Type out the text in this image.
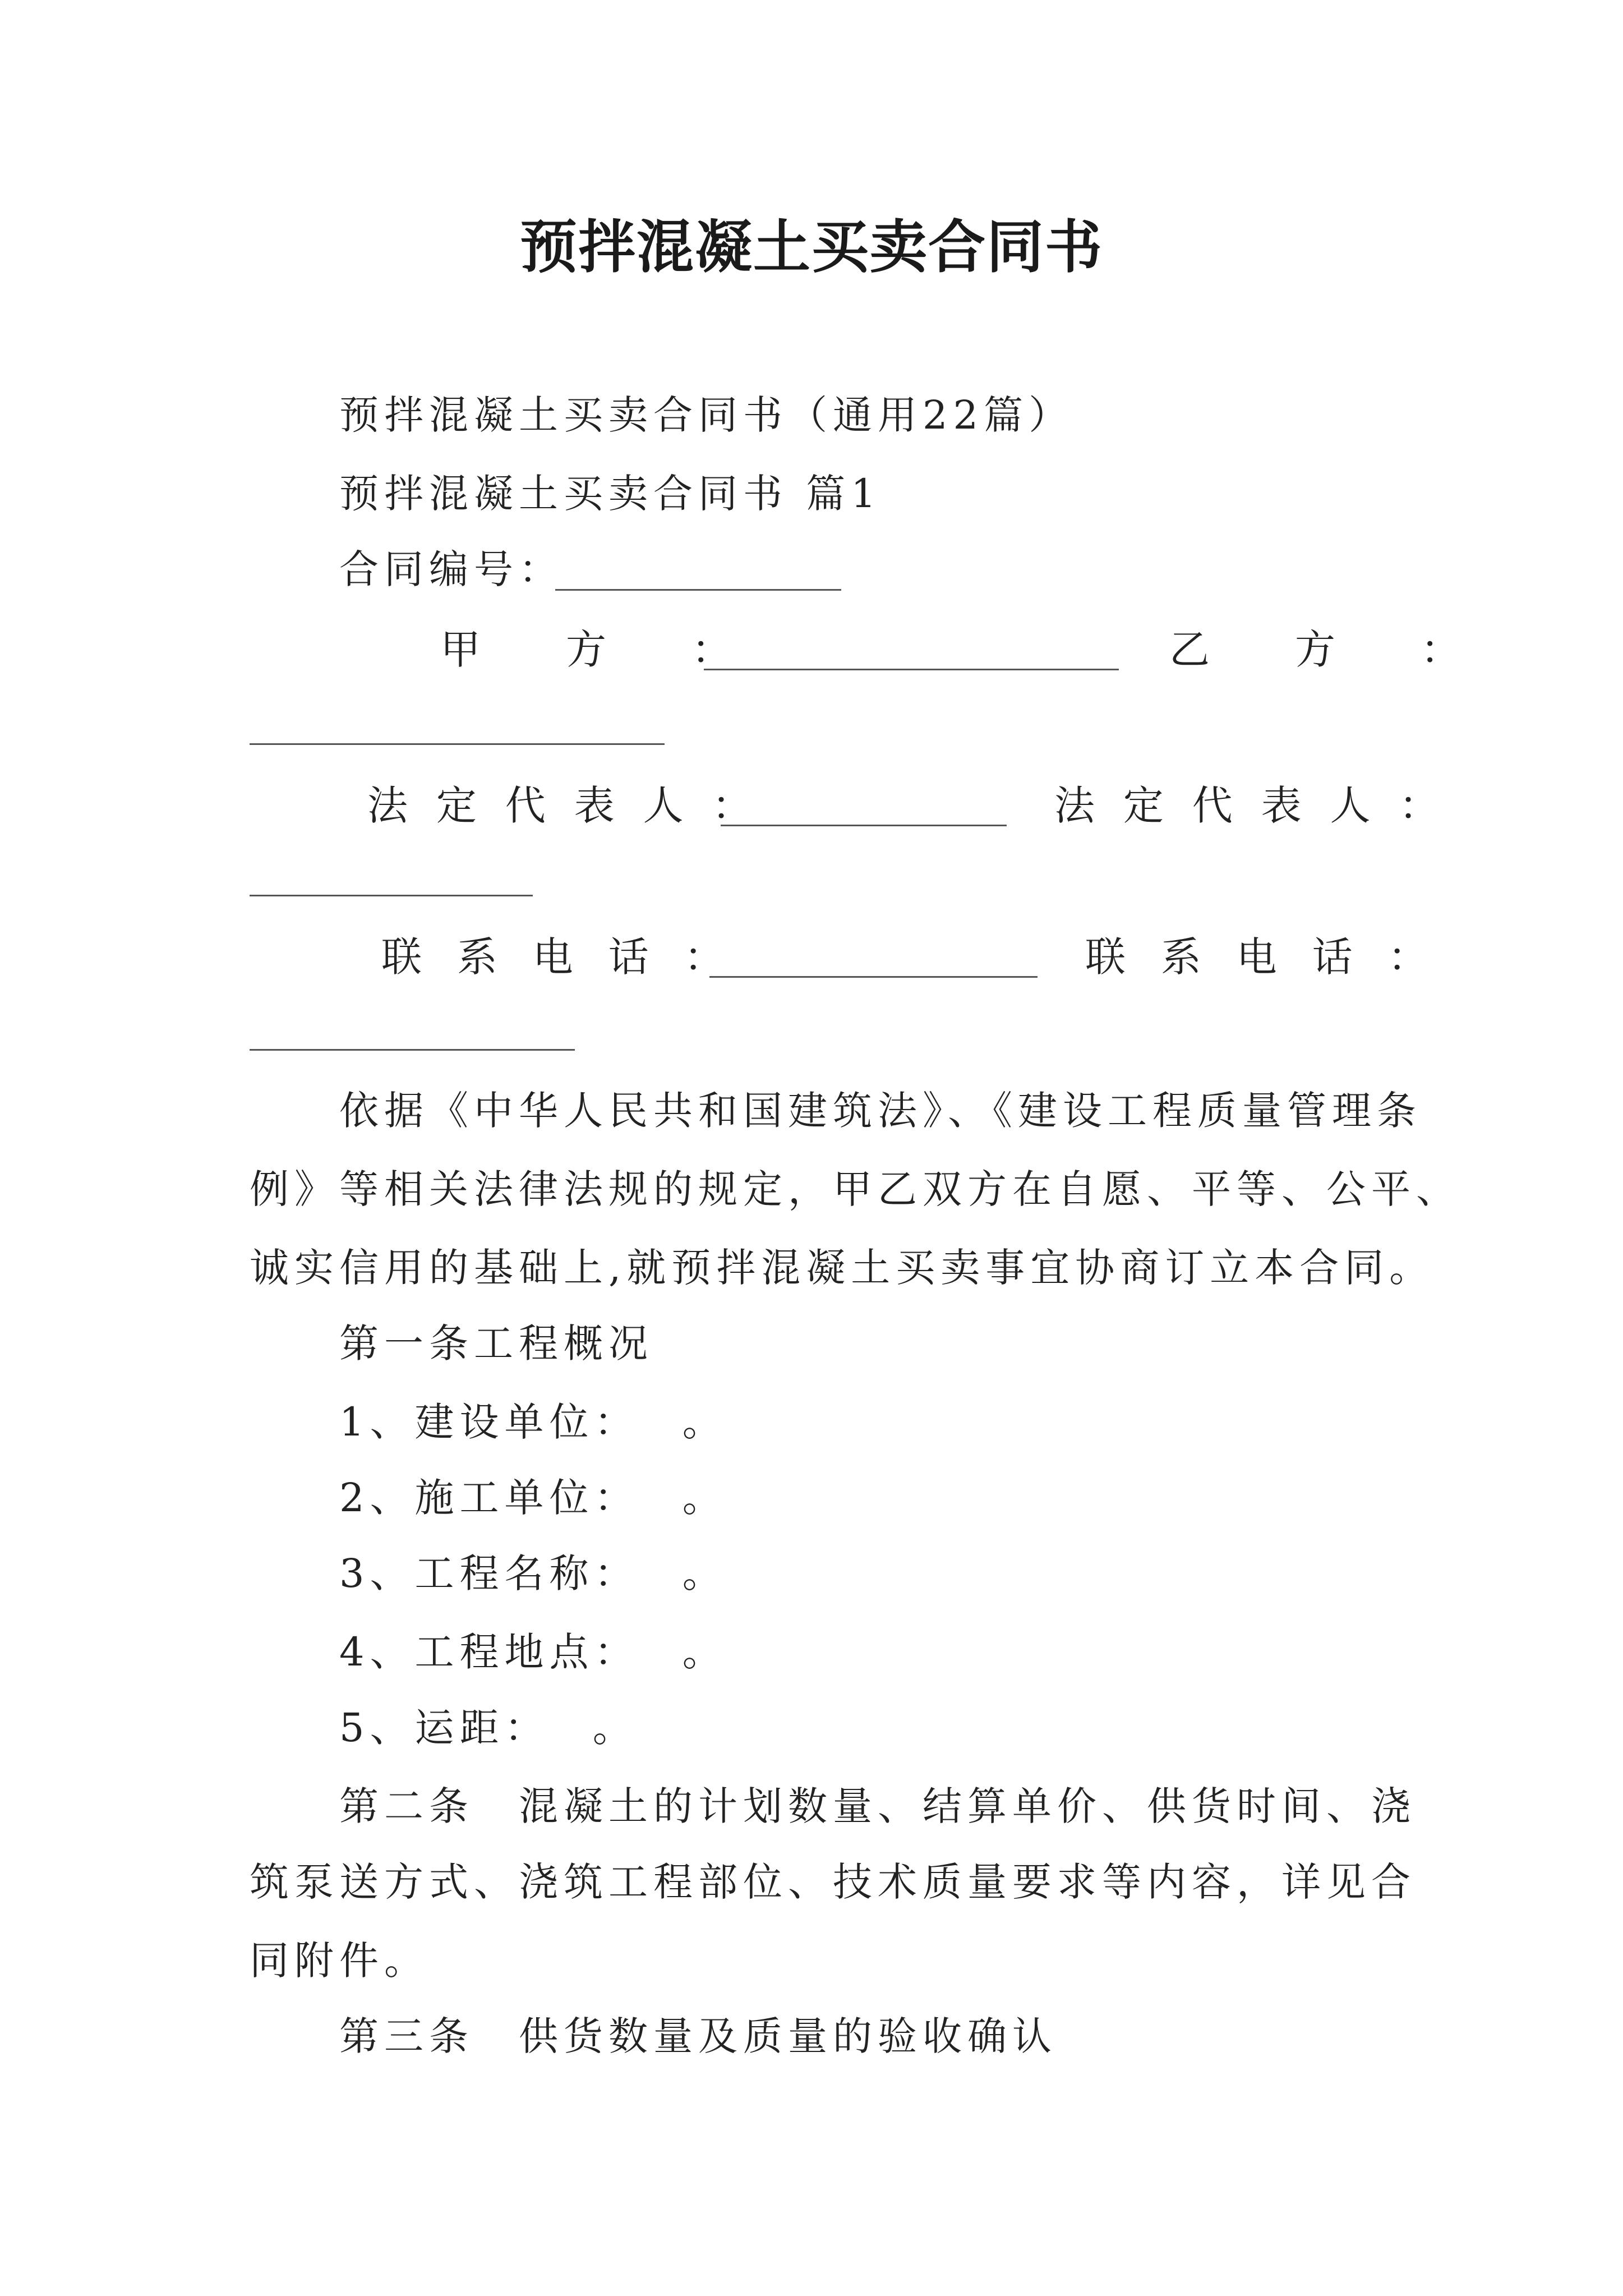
预拌混凝土买卖合同书
预拌混凝土买卖合同书（通用22篇）
预拌混凝土买卖合同书 篇1
合同编号：
甲　方　：	乙　方　：
法 定 代 表 人 ：	法 定 代 表 人 ：
联 系 电 话 ：	联 系 电 话 ：
依据《中华人民共和国建筑法》、《建设工程质量管理条
例》等相关法律法规的规定，甲乙双方在自愿、平等、公平、
诚实信用的基础上,就预拌混凝土买卖事宜协商订立本合同。
第一条工程概况
1、建设单位：　 。
2、施工单位：　 。
3、工程名称：　 。
4、工程地点：　 。
5、运距：　 。
第二条　混凝土的计划数量、结算单价、供货时间、浇
筑泵送方式、浇筑工程部位、技术质量要求等内容，详见合
同附件。
第三条　供货数量及质量的验收确认
